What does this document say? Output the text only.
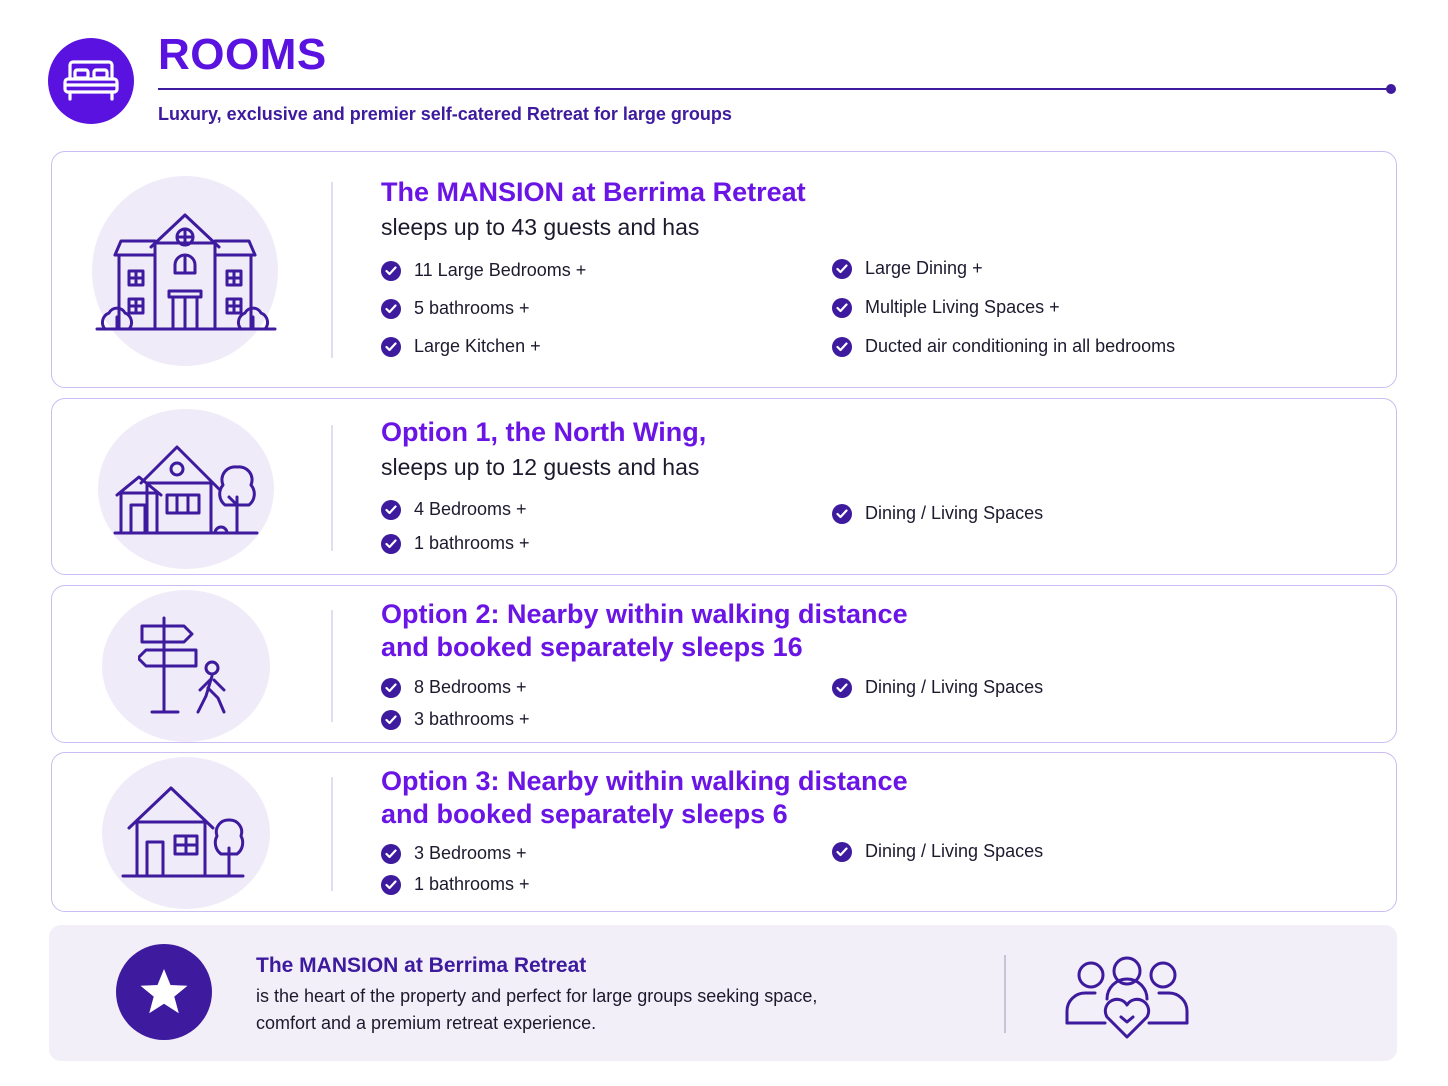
ROOMS
Luxury, exclusive and premier self-catered Retreat for large groups
The MANSION at Berrima Retreat
sleeps up to 43 guests and has
11 Large Bedrooms +
5 bathrooms +
Large Kitchen +
Large Dining +
Multiple Living Spaces +
Ducted air conditioning in all bedrooms
Option 1, the North Wing,
sleeps up to 12 guests and has
4 Bedrooms +
1 bathrooms +
Dining / Living Spaces
Option 2: Nearby within walking distance
and booked separately sleeps 16
8 Bedrooms +
3 bathrooms +
Dining / Living Spaces
Option 3: Nearby within walking distance
and booked separately sleeps 6
3 Bedrooms +
1 bathrooms +
Dining / Living Spaces
The MANSION at Berrima Retreat
is the heart of the property and perfect for large groups seeking space,
comfort and a premium retreat experience.
